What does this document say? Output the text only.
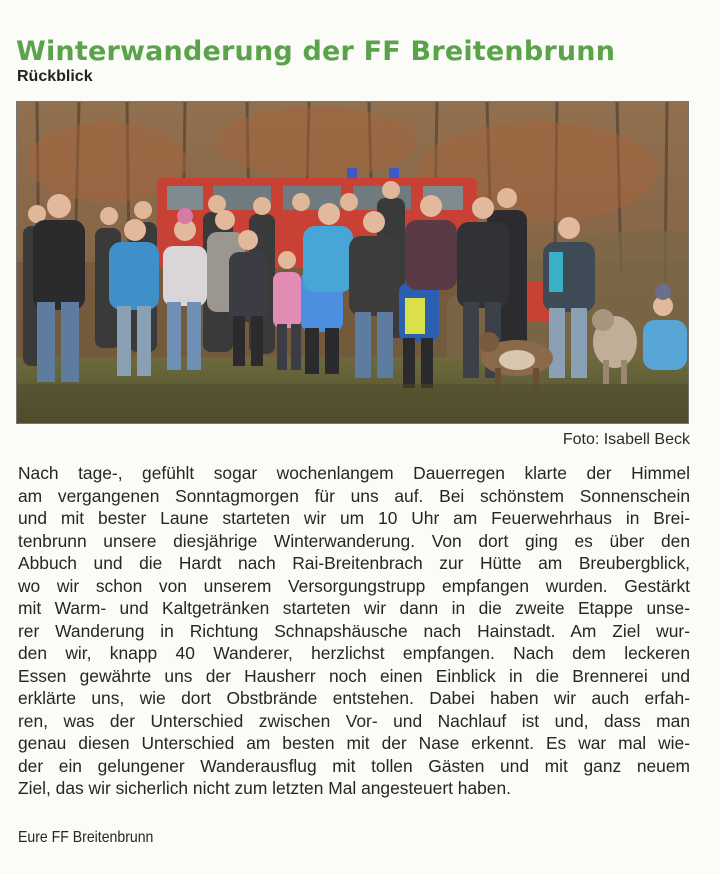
Winterwanderung der FF Breitenbrunn
Rückblick
Foto: Isabell Beck
Nach tage-, gefühlt sogar wochenlangem Dauerregen klarte der Himmel
am vergangenen Sonntagmorgen für uns auf. Bei schönstem Sonnenschein
und mit bester Laune starteten wir um 10 Uhr am Feuerwehrhaus in Brei-
tenbrunn unsere diesjährige Winterwanderung. Von dort ging es über den
Abbuch und die Hardt nach Rai-Breitenbrach zur Hütte am Breubergblick,
wo wir schon von unserem Versorgungstrupp empfangen wurden. Gestärkt
mit Warm- und Kaltgetränken starteten wir dann in die zweite Etappe unse-
rer Wanderung in Richtung Schnapshäusche nach Hainstadt. Am Ziel wur-
den wir, knapp 40 Wanderer, herzlichst empfangen. Nach dem leckeren
Essen gewährte uns der Hausherr noch einen Einblick in die Brennerei und
erklärte uns, wie dort Obstbrände entstehen. Dabei haben wir auch erfah-
ren, was der Unterschied zwischen Vor- und Nachlauf ist und, dass man
genau diesen Unterschied am besten mit der Nase erkennt. Es war mal wie-
der ein gelungener Wanderausflug mit tollen Gästen und mit ganz neuem
Ziel, das wir sicherlich nicht zum letzten Mal angesteuert haben.
Eure FF Breitenbrunn
